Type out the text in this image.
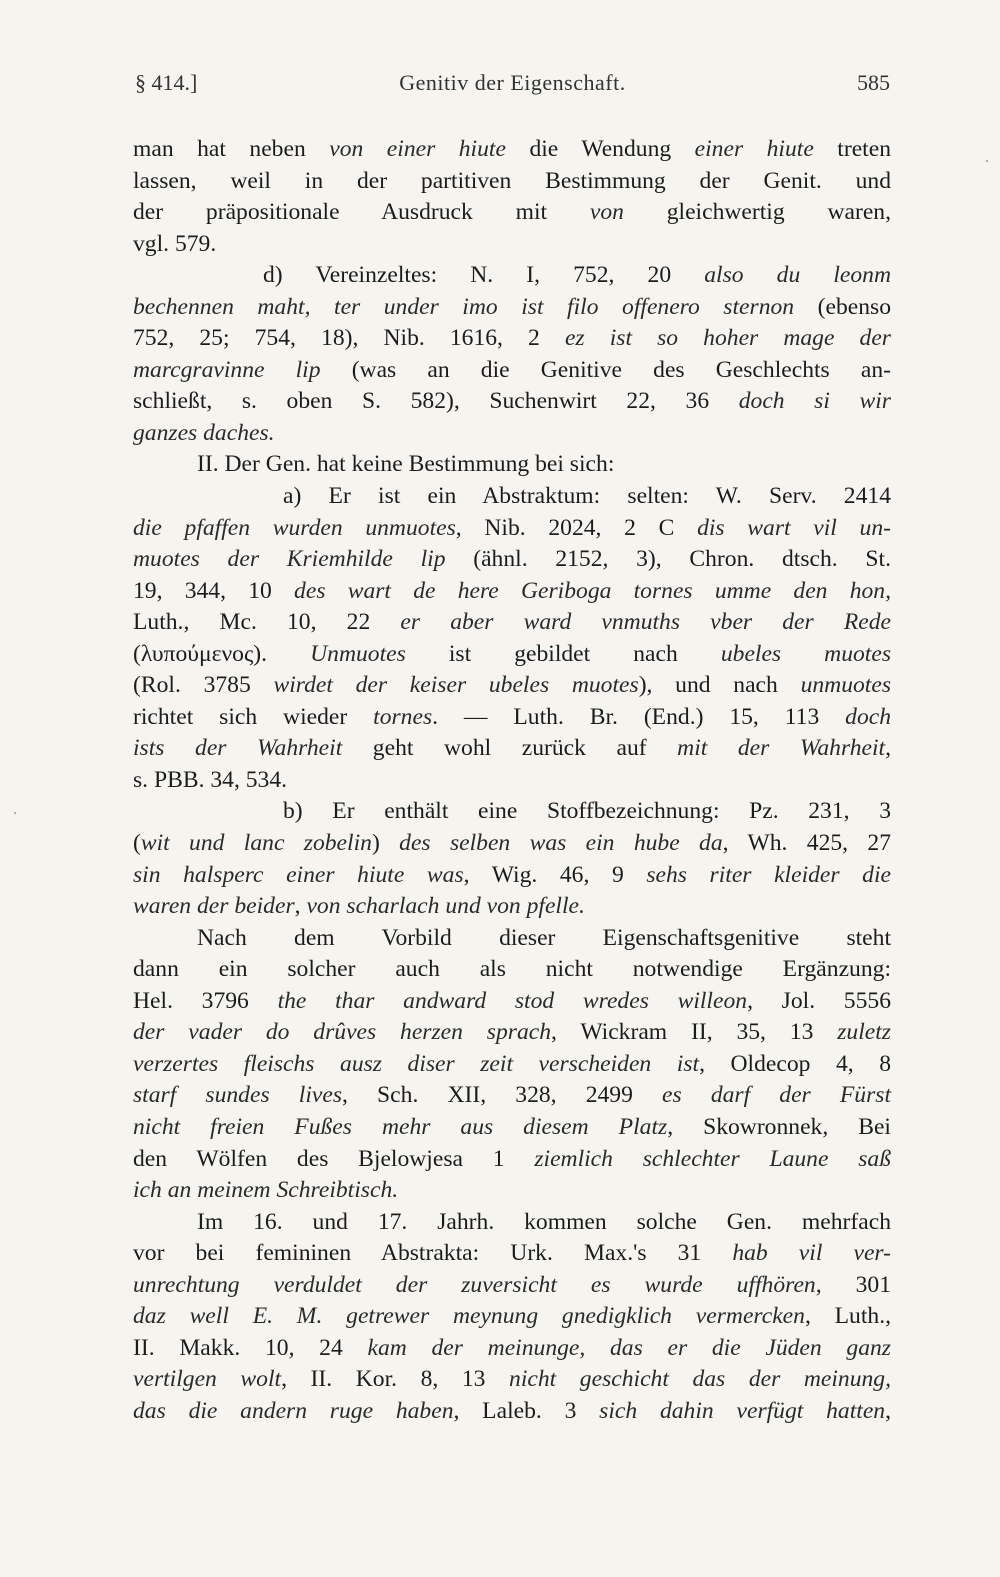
§ 414.]	Genitiv der Eigenschaft.	585
man hat neben von einer hiute die Wendung einer hiute treten
lassen, weil in der partitiven Bestimmung der Genit. und
der präpositionale Ausdruck mit von gleichwertig waren,
vgl. 579.
d) Vereinzeltes: N. I, 752, 20 also du leonm
bechennen maht, ter under imo ist filo offenero sternon (ebenso
752, 25; 754, 18), Nib. 1616, 2 ez ist so hoher mage der
marcgravinne lip (was an die Genitive des Geschlechts an-
schließt, s. oben S. 582), Suchenwirt 22, 36 doch si wir
ganzes daches.
II. Der Gen. hat keine Bestimmung bei sich:
a) Er ist ein Abstraktum: selten: W. Serv. 2414
die pfaffen wurden unmuotes, Nib. 2024, 2 C dis wart vil un-
muotes der Kriemhilde lip (ähnl. 2152, 3), Chron. dtsch. St.
19, 344, 10 des wart de here Geriboga tornes umme den hon,
Luth., Mc. 10, 22 er aber ward vnmuths vber der Rede
(λυπούμενος). Unmuotes ist gebildet nach ubeles muotes
(Rol. 3785 wirdet der keiser ubeles muotes), und nach unmuotes
richtet sich wieder tornes. — Luth. Br. (End.) 15, 113 doch
ists der Wahrheit geht wohl zurück auf mit der Wahrheit,
s. PBB. 34, 534.
b) Er enthält eine Stoffbezeichnung: Pz. 231, 3
(wit und lanc zobelin) des selben was ein hube da, Wh. 425, 27
sin halsperc einer hiute was, Wig. 46, 9 sehs riter kleider die
waren der beider, von scharlach und von pfelle.
Nach dem Vorbild dieser Eigenschaftsgenitive steht
dann ein solcher auch als nicht notwendige Ergänzung:
Hel. 3796 the thar andward stod wredes willeon, Jol. 5556
der vader do drûves herzen sprach, Wickram II, 35, 13 zuletz
verzertes fleischs ausz diser zeit verscheiden ist, Oldecop 4, 8
starf sundes lives, Sch. XII, 328, 2499 es darf der Fürst
nicht freien Fußes mehr aus diesem Platz, Skowronnek, Bei
den Wölfen des Bjelowjesa 1 ziemlich schlechter Laune saß
ich an meinem Schreibtisch.
Im 16. und 17. Jahrh. kommen solche Gen. mehrfach
vor bei femininen Abstrakta: Urk. Max.'s 31 hab vil ver-
unrechtung verduldet der zuversicht es wurde uffhören, 301
daz well E. M. getrewer meynung gnedigklich vermercken, Luth.,
II. Makk. 10, 24 kam der meinunge, das er die Jüden ganz
vertilgen wolt, II. Kor. 8, 13 nicht geschicht das der meinung,
das die andern ruge haben, Laleb. 3 sich dahin verfügt hatten,
